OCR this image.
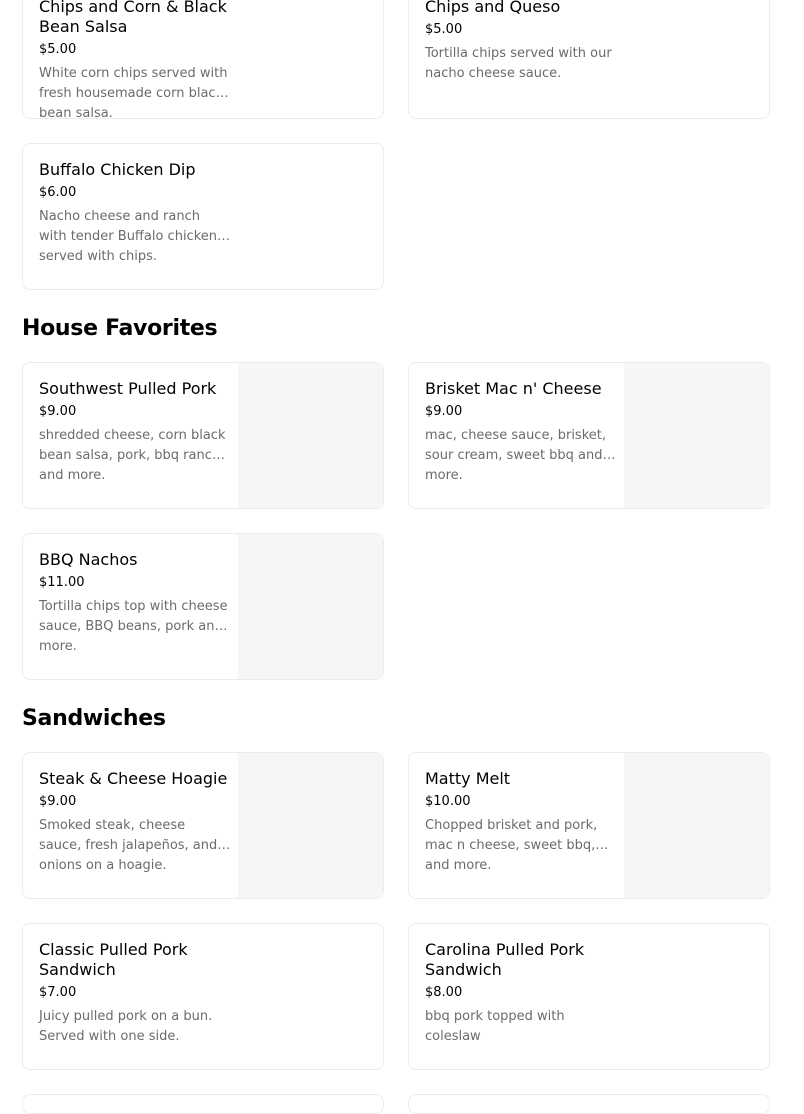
Chips and Corn & Black Bean Salsa
$5.00
White corn chips served with fresh housemade corn black bean salsa.
Chips and Queso
$5.00
Tortilla chips served with our nacho cheese sauce.
Buffalo Chicken Dip
$6.00
Nacho cheese and ranch with tender Buffalo chicken, served with chips.
House Favorites
Southwest Pulled Pork
$9.00
shredded cheese, corn black bean salsa, pork, bbq ranch and more.
Brisket Mac n' Cheese
$9.00
mac, cheese sauce, brisket, sour cream, sweet bbq and more.
BBQ Nachos
$11.00
Tortilla chips top with cheese sauce, BBQ beans, pork and more.
Sandwiches
Steak & Cheese Hoagie
$9.00
Smoked steak, cheese sauce, fresh jalapeños, and onions on a hoagie.
Matty Melt
$10.00
Chopped brisket and pork, mac n cheese, sweet bbq, and more.
Classic Pulled Pork Sandwich
$7.00
Juicy pulled pork on a bun. Served with one side.
Carolina Pulled Pork Sandwich
$8.00
bbq pork topped with coleslaw
